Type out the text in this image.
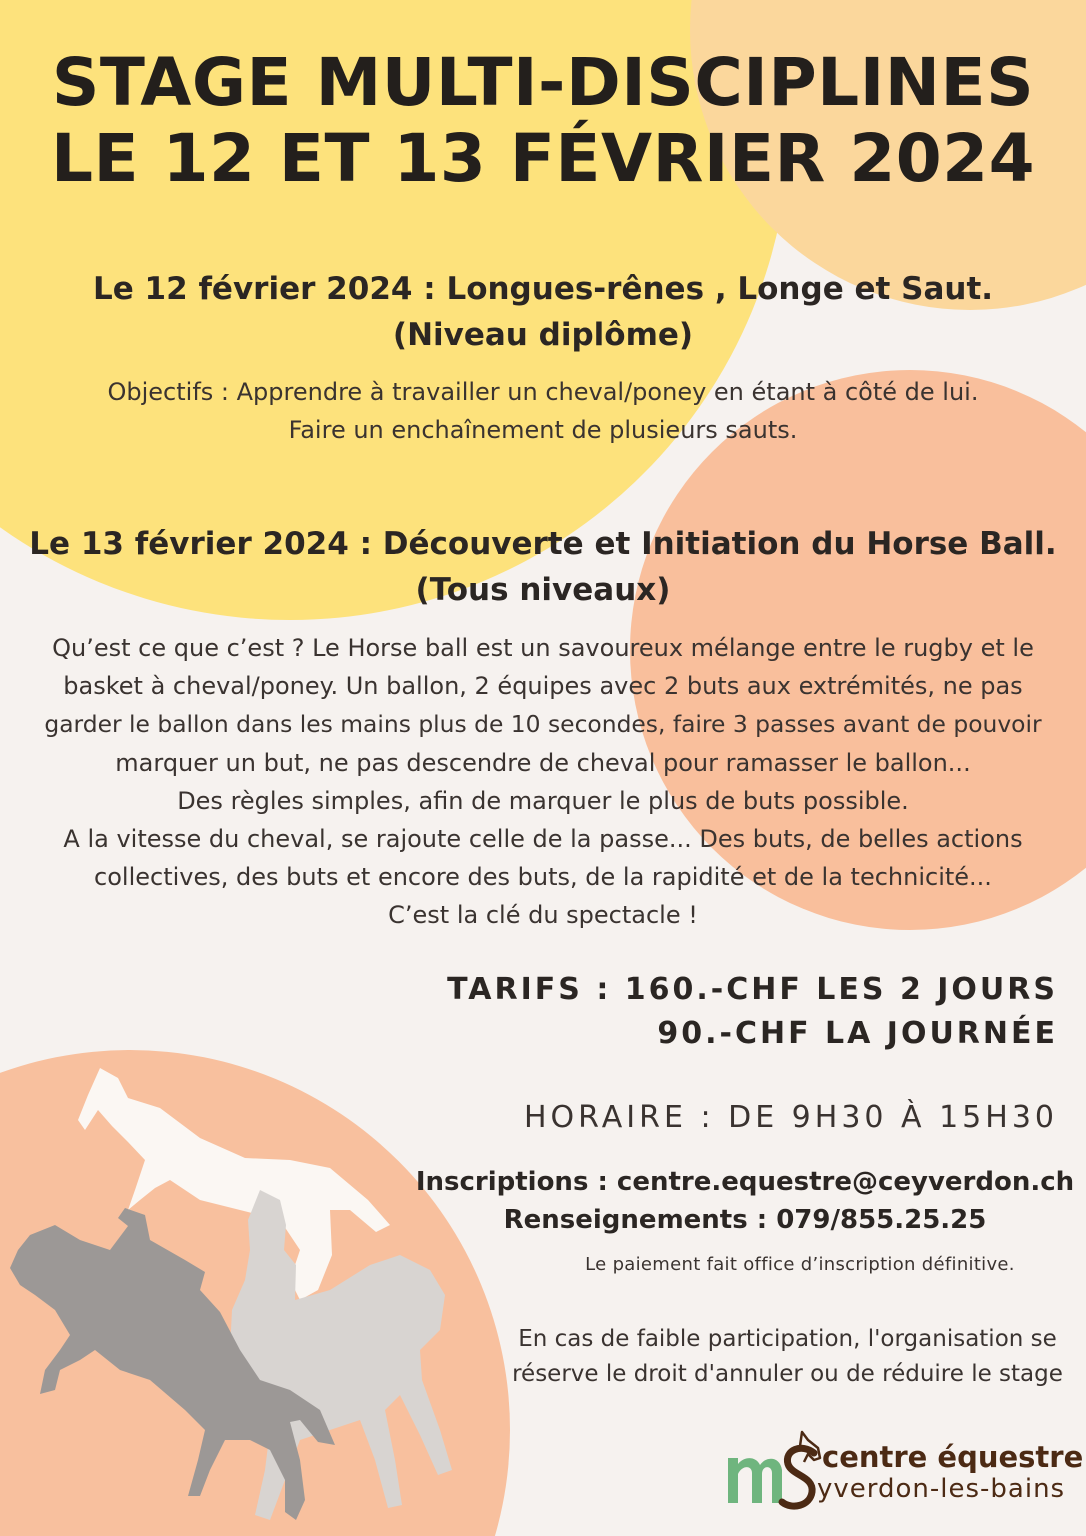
STAGE MULTI-DISCIPLINES
LE 12 ET 13 FÉVRIER 2024
Le 12 février 2024 : Longues-rênes , Longe et Saut.
(Niveau diplôme)
Objectifs : Apprendre à travailler un cheval/poney en étant à côté de lui.
Faire un enchaînement de plusieurs sauts.
Le 13 février 2024 : Découverte et Initiation du Horse Ball.
(Tous niveaux)
Qu’est ce que c’est ? Le Horse ball est un savoureux mélange entre le rugby et le
basket à cheval/poney. Un ballon, 2 équipes avec 2 buts aux extrémités, ne pas
garder le ballon dans les mains plus de 10 secondes, faire 3 passes avant de pouvoir
marquer un but, ne pas descendre de cheval pour ramasser le ballon...
Des règles simples, afin de marquer le plus de buts possible.
A la vitesse du cheval, se rajoute celle de la passe... Des buts, de belles actions
collectives, des buts et encore des buts, de la rapidité et de la technicité...
C’est la clé du spectacle !
TARIFS : 160.-CHF LES 2 JOURS
90.-CHF LA JOURNÉE
HORAIRE : DE 9H30 À 15H30
Inscriptions : centre.equestre@ceyverdon.ch
Renseignements : 079/855.25.25
Le paiement fait office d’inscription définitive.
En cas de faible participation, l'organisation se
réserve le droit d'annuler ou de réduire le stage
centre équestre
yverdon-les-bains
